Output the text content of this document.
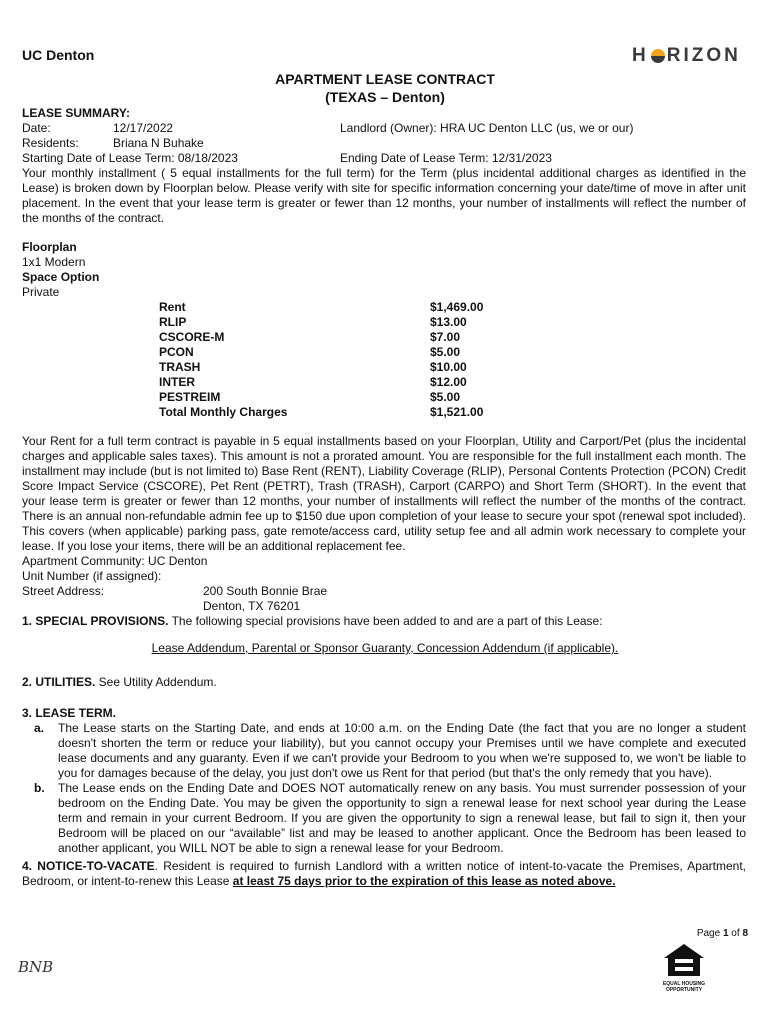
UC Denton	H RIZON
APARTMENT LEASE CONTRACT
(TEXAS – Denton)
LEASE SUMMARY:
Date:	12/17/2022	Landlord (Owner): HRA UC Denton LLC (us, we or our)
Residents:	Briana N Buhake
Starting Date of Lease Term: 08/18/2023	Ending Date of Lease Term: 12/31/2023

Your monthly installment ( 5 equal installments for the full term) for the Term (plus incidental additional charges as identified in the Lease) is broken down by Floorplan below. Please verify with site for specific information concerning your date/time of move in after unit placement. In the event that your lease term is greater or fewer than 12 months, your number of installments will reflect the number of the months of the contract.

Floorplan
1x1 Modern
Space Option
Private
Rent	$1,469.00
RLIP	$13.00
CSCORE-M	$7.00
PCON	$5.00
TRASH	$10.00
INTER	$12.00
PESTREIM	$5.00
Total Monthly Charges	$1,521.00

Your Rent for a full term contract is payable in 5 equal installments based on your Floorplan, Utility and Carport/Pet (plus the incidental charges and applicable sales taxes). This amount is not a prorated amount. You are responsible for the full installment each month. The installment may include (but is not limited to) Base Rent (RENT), Liability Coverage (RLIP), Personal Contents Protection (PCON) Credit Score Impact Service (CSCORE), Pet Rent (PETRT), Trash (TRASH), Carport (CARPO) and Short Term (SHORT). In the event that your lease term is greater or fewer than 12 months, your number of installments will reflect the number of the months of the contract. There is an annual non-refundable admin fee up to $150 due upon completion of your lease to secure your spot (renewal spot included). This covers (when applicable) parking pass, gate remote/access card, utility setup fee and all admin work necessary to complete your lease. If you lose your items, there will be an additional replacement fee.

Apartment Community: UC Denton
Unit Number (if assigned):
Street Address:	200 South Bonnie Brae
Denton, TX 76201
1. SPECIAL PROVISIONS. The following special provisions have been added to and are a part of this Lease:
Lease Addendum, Parental or Sponsor Guaranty, Concession Addendum (if applicable).
2. UTILITIES. See Utility Addendum.
3. LEASE TERM.
a. The Lease starts on the Starting Date, and ends at 10:00 a.m. on the Ending Date (the fact that you are no longer a student doesn't shorten the term or reduce your liability), but you cannot occupy your Premises until we have complete and executed lease documents and any guaranty. Even if we can't provide your Bedroom to you when we're supposed to, we won't be liable to you for damages because of the delay, you just don't owe us Rent for that period (but that's the only remedy that you have).
b. The Lease ends on the Ending Date and DOES NOT automatically renew on any basis. You must surrender possession of your bedroom on the Ending Date. You may be given the opportunity to sign a renewal lease for next school year during the Lease term and remain in your current Bedroom. If you are given the opportunity to sign a renewal lease, but fail to sign it, then your Bedroom will be placed on our “available” list and may be leased to another applicant. Once the Bedroom has been leased to another applicant, you WILL NOT be able to sign a renewal lease for your Bedroom.

4. NOTICE-TO-VACATE. Resident is required to furnish Landlord with a written notice of intent-to-vacate the Premises, Apartment, Bedroom, or intent-to-renew this Lease at least 75 days prior to the expiration of this lease as noted above.

Page 1 of 8
BNB
EQUAL HOUSING OPPORTUNITY
